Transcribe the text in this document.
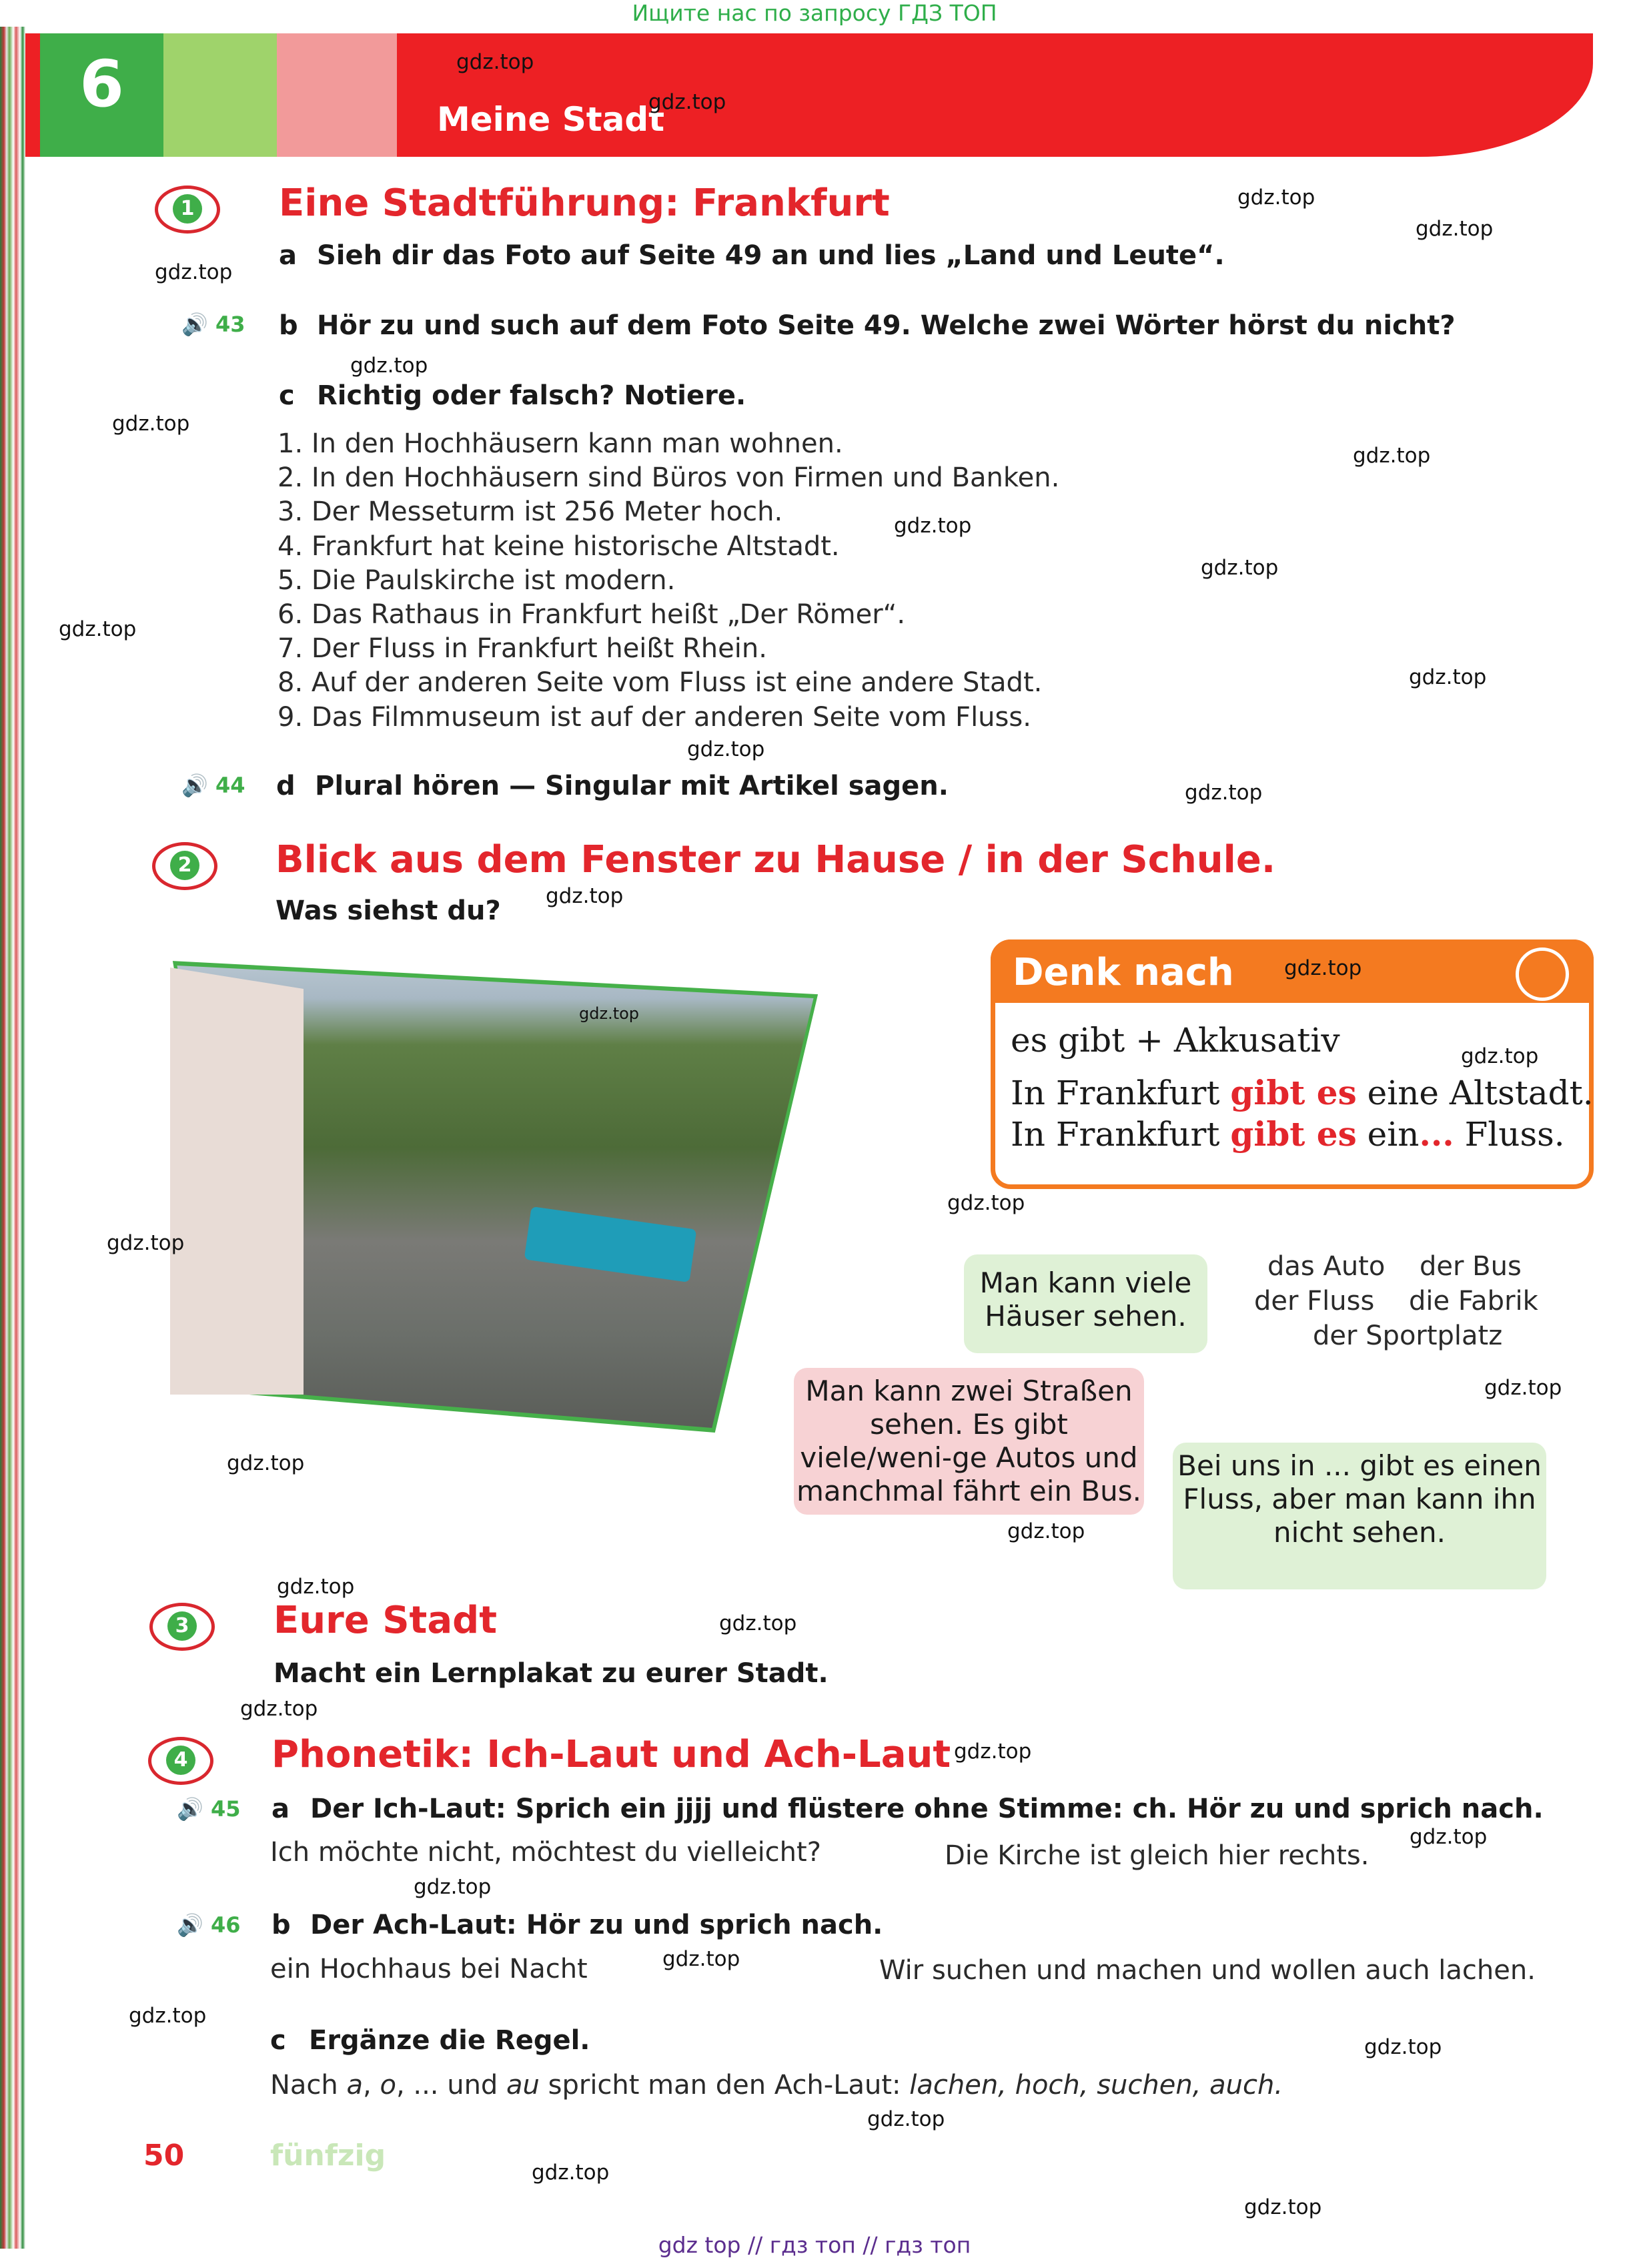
Ищите нас по запросу ГДЗ ТОП
6	Meine Stadt
1 Eine Stadtführung: Frankfurt
a Sieh dir das Foto auf Seite 49 an und lies „Land und Leute“.
🔊 43 b Hör zu und such auf dem Foto Seite 49. Welche zwei Wörter hörst du nicht?
c Richtig oder falsch? Notiere.
1. In den Hochhäusern kann man wohnen.
2. In den Hochhäusern sind Büros von Firmen und Banken.
3. Der Messeturm ist 256 Meter hoch.
4. Frankfurt hat keine historische Altstadt.
5. Die Paulskirche ist modern.
6. Das Rathaus in Frankfurt heißt „Der Römer“.
7. Der Fluss in Frankfurt heißt Rhein.
8. Auf der anderen Seite vom Fluss ist eine andere Stadt.
9. Das Filmmuseum ist auf der anderen Seite vom Fluss.
🔊 44 d Plural hören — Singular mit Artikel sagen.
2 Blick aus dem Fenster zu Hause / in der Schule.
Was siehst du?
Denk nach
es gibt + Akkusativ
In Frankfurt gibt es eine Altstadt.
In Frankfurt gibt es ein... Fluss.
Man kann viele Häuser sehen.
das Auto der Bus
der Fluss die Fabrik
der Sportplatz
Man kann zwei Straßen sehen. Es gibt viele/weni-ge Autos und manchmal fährt ein Bus.
Bei uns in ... gibt es einen Fluss, aber man kann ihn nicht sehen.
3 Eure Stadt
Macht ein Lernplakat zu eurer Stadt.
4 Phonetik: Ich-Laut und Ach-Laut
🔊 45 a Der Ich-Laut: Sprich ein jjjj und flüstere ohne Stimme: ch. Hör zu und sprich nach.
Ich möchte nicht, möchtest du vielleicht?	Die Kirche ist gleich hier rechts.
🔊 46 b Der Ach-Laut: Hör zu und sprich nach.
ein Hochhaus bei Nacht	Wir suchen und machen und wollen auch lachen.
c Ergänze die Regel.
Nach a, o, ... und au spricht man den Ach-Laut: lachen, hoch, suchen, auch.
50	fünfzig
gdz top // гдз топ // гдз топ
gdz.top
gdz.top
gdz.top
gdz.top
gdz.top
gdz.top
gdz.top
gdz.top
gdz.top
gdz.top
gdz.top
gdz.top
gdz.top
gdz.top
gdz.top
gdz.top
gdz.top
gdz.top
gdz.top
gdz.top
gdz.top
gdz.top
gdz.top
gdz.top
gdz.top
gdz.top
gdz.top
gdz.top
gdz.top
gdz.top
gdz.top
gdz.top
gdz.top
gdz.top
gdz.top
